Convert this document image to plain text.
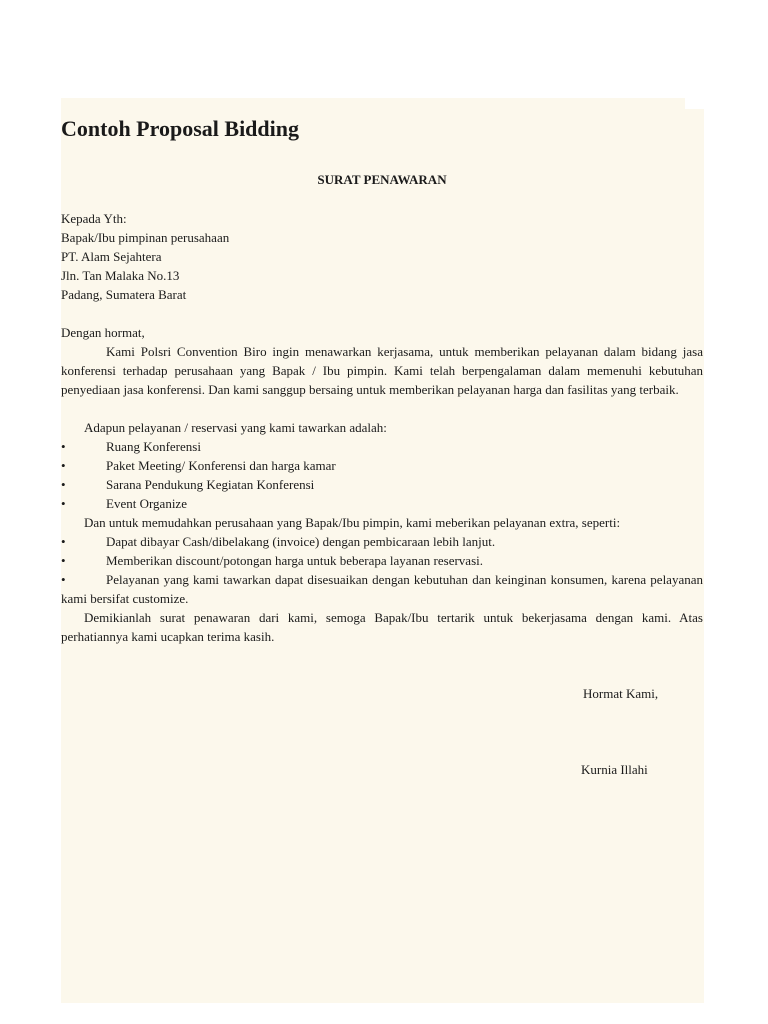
Contoh Proposal Bidding
SURAT PENAWARAN
Kepada Yth:
Bapak/Ibu pimpinan perusahaan
PT. Alam Sejahtera
Jln. Tan Malaka No.13
Padang, Sumatera Barat
Dengan hormat,
Kami Polsri Convention Biro ingin menawarkan kerjasama, untuk memberikan pelayanan dalam bidang jasa konferensi terhadap perusahaan yang Bapak / Ibu pimpin. Kami telah berpengalaman dalam memenuhi kebutuhan penyediaan jasa konferensi. Dan kami sanggup bersaing untuk memberikan pelayanan harga dan fasilitas yang terbaik.
Adapun pelayanan / reservasi yang kami tawarkan adalah:
•	Ruang Konferensi
•	Paket Meeting/ Konferensi dan harga kamar
•	Sarana Pendukung Kegiatan Konferensi
•	Event Organize
Dan untuk memudahkan perusahaan yang Bapak/Ibu pimpin, kami meberikan pelayanan extra, seperti:
•	Dapat dibayar Cash/dibelakang (invoice) dengan pembicaraan lebih lanjut.
•	Memberikan discount/potongan harga untuk beberapa layanan reservasi.
•	Pelayanan yang kami tawarkan dapat disesuaikan dengan kebutuhan dan keinginan konsumen, karena pelayanan kami bersifat customize.
Demikianlah surat penawaran dari kami, semoga Bapak/Ibu tertarik untuk bekerjasama dengan kami. Atas perhatiannya kami ucapkan terima kasih.
Hormat Kami,
Kurnia Illahi
